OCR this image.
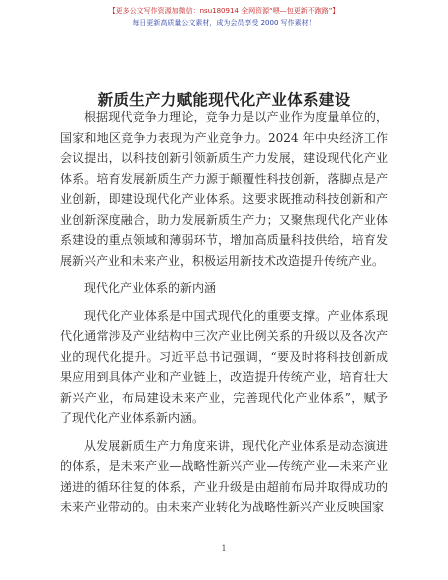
【更多公文写作资源加微信：nsu180914 全网资源“喂—包更新不跑路”】
每日更新高质量公文素材，成为会员享受 2000 写作素材！
新质生产力赋能现代化产业体系建设

根据现代竞争力理论，竞争力是以产业作为度量单位的，国家和地区竞争力表现为产业竞争力。2024 年中央经济工作会议提出，以科技创新引领新质生产力发展，建设现代化产业体系。培育发展新质生产力源于颠覆性科技创新，落脚点是产业创新，即建设现代化产业体系。这要求既推动科技创新和产业创新深度融合，助力发展新质生产力；又聚焦现代化产业体系建设的重点领域和薄弱环节，增加高质量科技供给，培育发展新兴产业和未来产业，积极运用新技术改造提升传统产业。

现代化产业体系的新内涵

现代化产业体系是中国式现代化的重要支撑。产业体系现代化通常涉及产业结构中三次产业比例关系的升级以及各次产业的现代化提升。习近平总书记强调，“要及时将科技创新成果应用到具体产业和产业链上，改造提升传统产业，培育壮大新兴产业，布局建设未来产业，完善现代化产业体系”，赋予了现代化产业体系新内涵。

从发展新质生产力角度来讲，现代化产业体系是动态演进的体系，是未来产业—战略性新兴产业—传统产业—未来产业递进的循环往复的体系，产业升级是由超前布局并取得成功的未来产业带动的。由未来产业转化为战略性新兴产业反映国家

1
